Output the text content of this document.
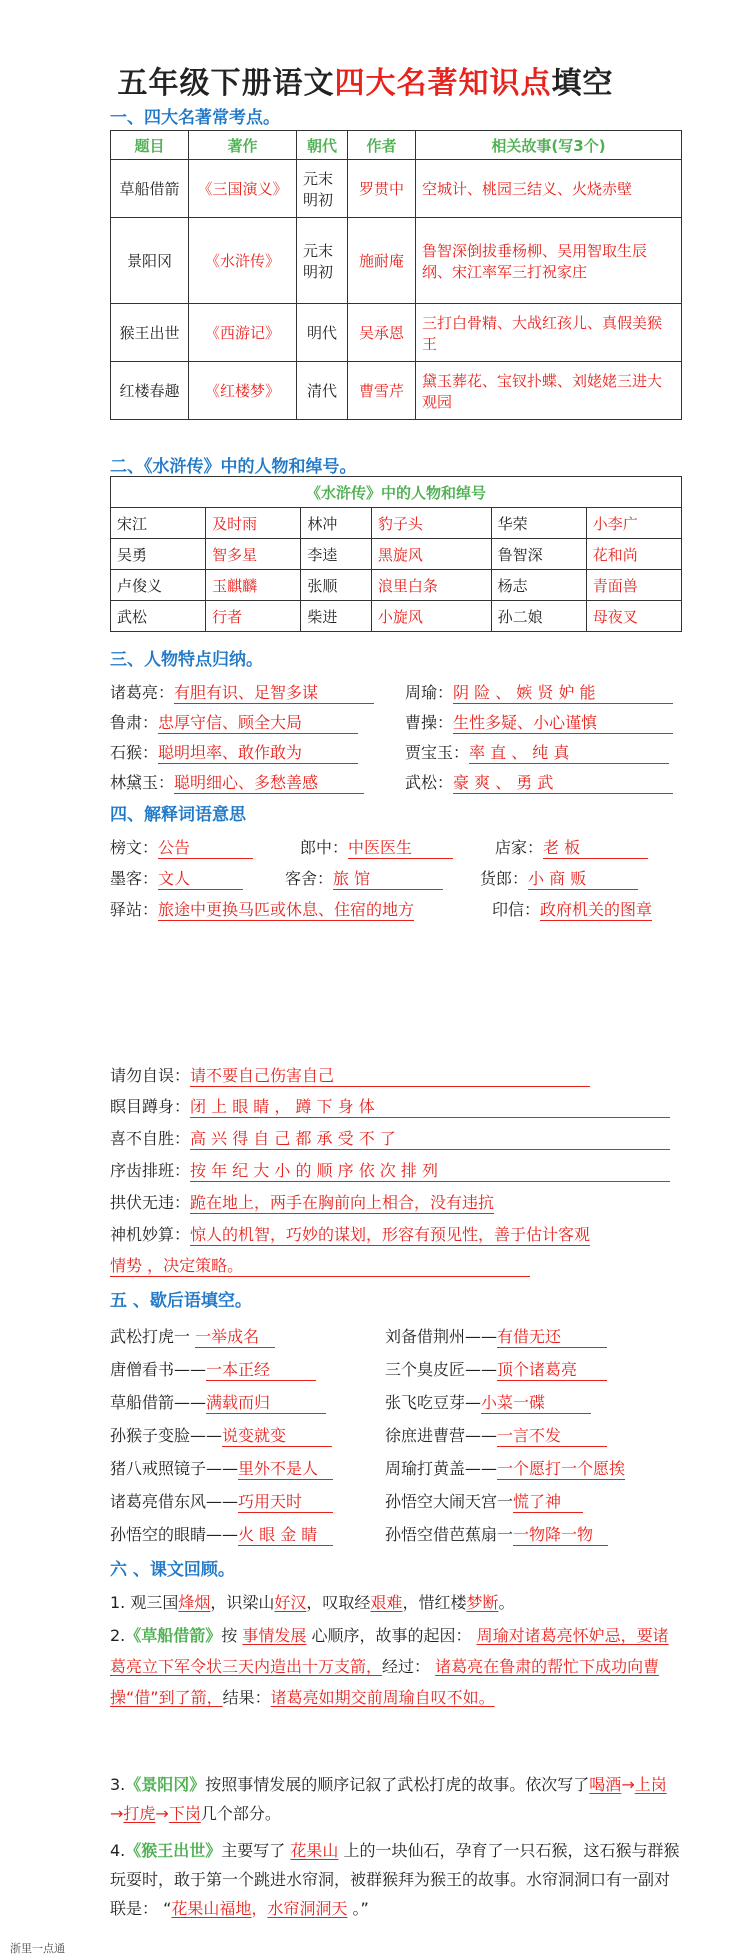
五年级下册语文四大名著知识点填空
一、四大名著常考点。
题目	著作	朝代	作者	相关故事(写3个)
草船借箭	《三国演义》	元末明初	罗贯中	空城计、桃园三结义、火烧赤壁
景阳冈	《水浒传》	元末明初	施耐庵	鲁智深倒拔垂杨柳、吴用智取生辰纲、宋江率军三打祝家庄
猴王出世	《西游记》	明代	吴承恩	三打白骨精、大战红孩儿、真假美猴王
红楼春趣	《红楼梦》	清代	曹雪芹	黛玉葬花、宝钗扑蝶、刘姥姥三进大观园
二、《水浒传》中的人物和绰号。
《水浒传》中的人物和绰号					
宋江	及时雨	林冲	豹子头	华荣	小李广
吴勇	智多星	李逵	黑旋风	鲁智深	花和尚
卢俊义	玉麒麟	张顺	浪里白条	杨志	青面兽
武松	行者	柴进	小旋风	孙二娘	母夜叉
三、人物特点归纳。
诸葛亮：有胆有识、足智多谋	周瑜：阴 险 、 嫉 贤 妒 能
鲁肃：忠厚守信、顾全大局	曹操：生性多疑、小心谨慎
石猴：聪明坦率、敢作敢为	贾宝玉：率 直 、 纯 真
林黛玉：聪明细心、多愁善感	武松：豪 爽 、 勇 武
四、解释词语意思
榜文：公告	郎中：中医医生	店家：老 板
墨客：文人	客舍：旅 馆	货郎：小 商 贩
驿站：旅途中更换马匹或休息、住宿的地方	印信：政府机关的图章
请勿自误：请不要自己伤害自己
瞑目蹲身：闭 上 眼 睛 ， 蹲 下 身 体
喜不自胜：高 兴 得 自 己 都 承 受 不 了
序齿排班：按 年 纪 大 小 的 顺 序 依 次 排 列
拱伏无违：跪在地上，两手在胸前向上相合，没有违抗
神机妙算：惊人的机智，巧妙的谋划，形容有预见性，善于估计客观
情势 ，决定策略。
五 、歇后语填空。
武松打虎一 一举成名	刘备借荆州——有借无还
唐僧看书——一本正经	三个臭皮匠——顶个诸葛亮
草船借箭——满载而归	张飞吃豆芽—小菜一碟
孙猴子变脸——说变就变	徐庶进曹营——一言不发
猪八戒照镜子——里外不是人	周瑜打黄盖——一个愿打一个愿挨
诸葛亮借东风——巧用天时	孙悟空大闹天宫一慌了神
孙悟空的眼睛——火 眼 金 睛	孙悟空借芭蕉扇一一物降一物
六 、课文回顾。
1. 观三国烽烟，识梁山好汉，叹取经艰难，惜红楼梦断。
2.《草船借箭》按 事情发展 心顺序，故事的起因： 周瑜对诸葛亮怀妒忌，要诸葛亮立下军令状三天内造出十万支箭，经过： 诸葛亮在鲁肃的帮忙下成功向曹操“借”到了箭，结果：诸葛亮如期交前周瑜自叹不如。
3.《景阳冈》按照事情发展的顺序记叙了武松打虎的故事。依次写了喝酒→上岗→打虎→下岗几个部分。
4.《猴王出世》主要写了 花果山 上的一块仙石，孕育了一只石猴，这石猴与群猴玩耍时，敢于第一个跳进水帘洞，被群猴拜为猴王的故事。水帘洞洞口有一副对联是： “花果山福地，水帘洞洞天 。”
浙里一点通
